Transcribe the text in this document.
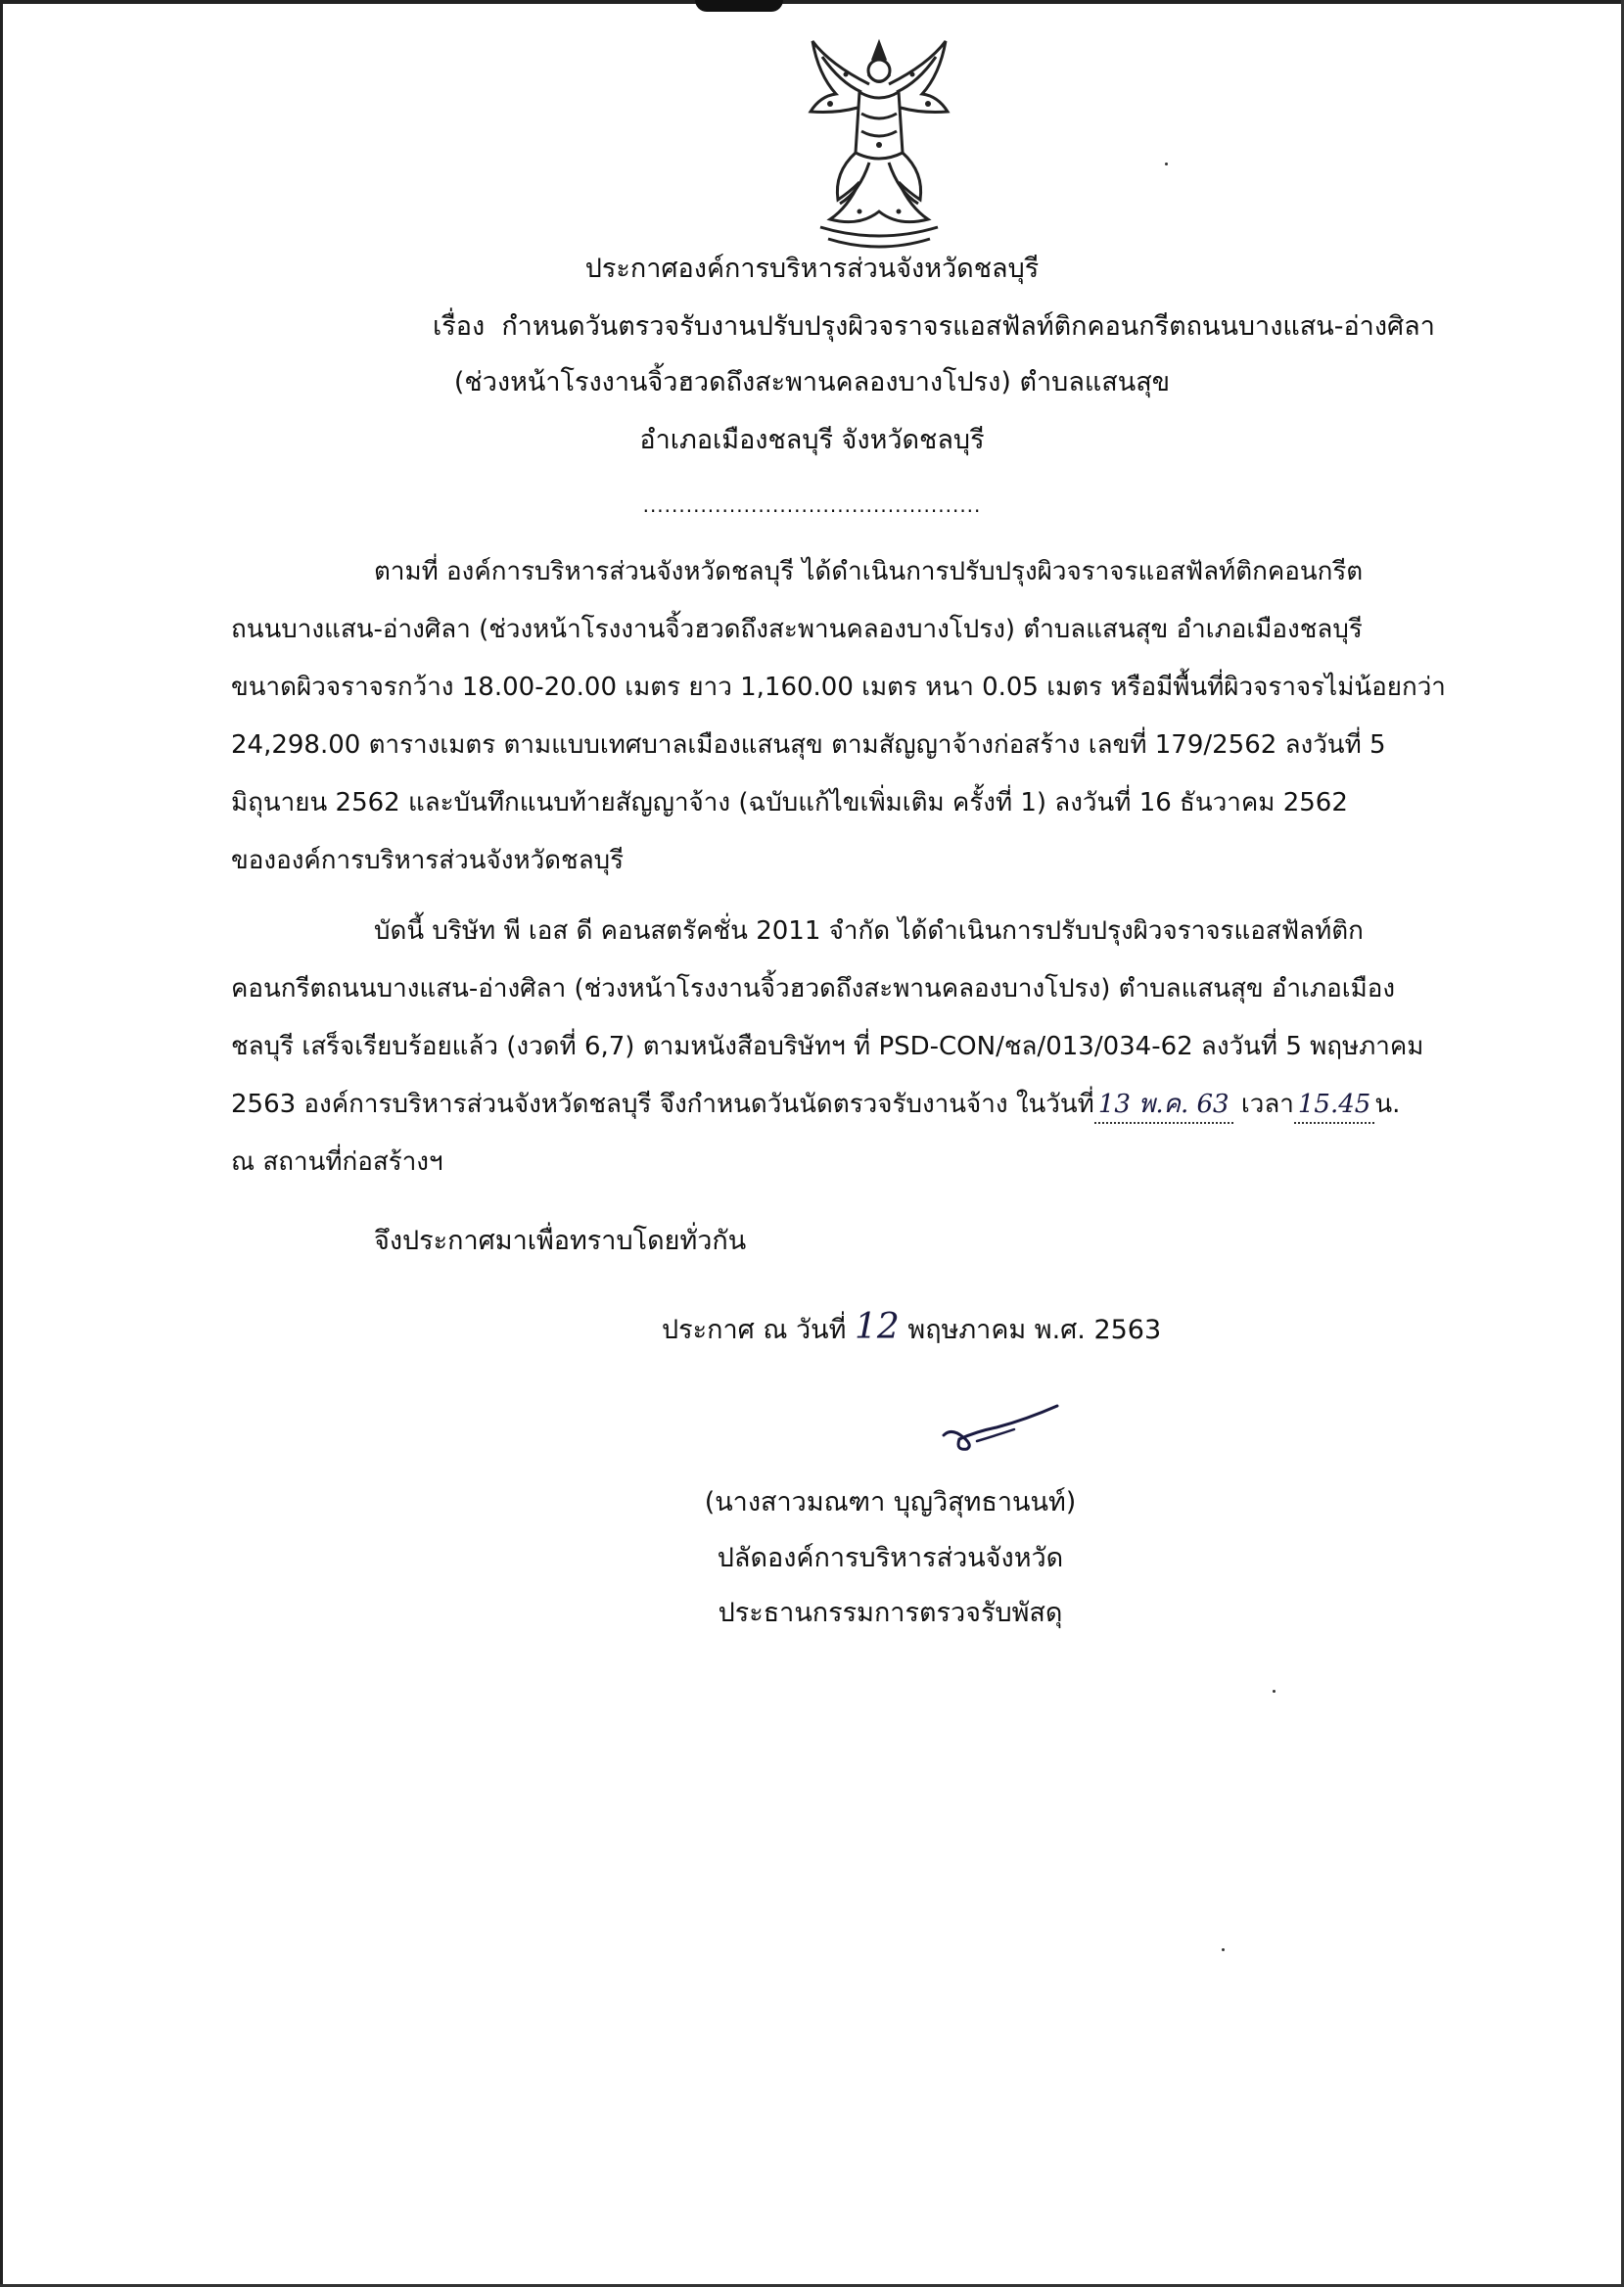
ประกาศองค์การบริหารส่วนจังหวัดชลบุรี
เรื่อง กำหนดวันตรวจรับงานปรับปรุงผิวจราจรแอสฟัลท์ติกคอนกรีตถนนบางแสน-อ่างศิลา
(ช่วงหน้าโรงงานจิ้วฮวดถึงสะพานคลองบางโปรง) ตำบลแสนสุข
อำเภอเมืองชลบุรี จังหวัดชลบุรี
...............................................
ตามที่ องค์การบริหารส่วนจังหวัดชลบุรี ได้ดำเนินการปรับปรุงผิวจราจรแอสฟัลท์ติกคอนกรีต
ถนนบางแสน-อ่างศิลา (ช่วงหน้าโรงงานจิ้วฮวดถึงสะพานคลองบางโปรง) ตำบลแสนสุข อำเภอเมืองชลบุรี
ขนาดผิวจราจรกว้าง 18.00-20.00 เมตร ยาว 1,160.00 เมตร หนา 0.05 เมตร หรือมีพื้นที่ผิวจราจรไม่น้อยกว่า
24,298.00 ตารางเมตร ตามแบบเทศบาลเมืองแสนสุข ตามสัญญาจ้างก่อสร้าง เลขที่ 179/2562 ลงวันที่ 5
มิถุนายน 2562 และบันทึกแนบท้ายสัญญาจ้าง (ฉบับแก้ไขเพิ่มเติม ครั้งที่ 1) ลงวันที่ 16 ธันวาคม 2562
ขององค์การบริหารส่วนจังหวัดชลบุรี
บัดนี้ บริษัท พี เอส ดี คอนสตรัคชั่น 2011 จำกัด ได้ดำเนินการปรับปรุงผิวจราจรแอสฟัลท์ติก
คอนกรีตถนนบางแสน-อ่างศิลา (ช่วงหน้าโรงงานจิ้วฮวดถึงสะพานคลองบางโปรง) ตำบลแสนสุข อำเภอเมือง
ชลบุรี เสร็จเรียบร้อยแล้ว (งวดที่ 6,7) ตามหนังสือบริษัทฯ ที่ PSD-CON/ชล/013/034-62 ลงวันที่ 5 พฤษภาคม
2563 องค์การบริหารส่วนจังหวัดชลบุรี จึงกำหนดวันนัดตรวจรับงานจ้าง ในวันที่ 13 พ.ค. 63 เวลา 15.45 น.
ณ สถานที่ก่อสร้างฯ
จึงประกาศมาเพื่อทราบโดยทั่วกัน
ประกาศ ณ วันที่ 12 พฤษภาคม พ.ศ. 2563
(นางสาวมณฑา บุญวิสุทธานนท์)
ปลัดองค์การบริหารส่วนจังหวัด
ประธานกรรมการตรวจรับพัสดุ
